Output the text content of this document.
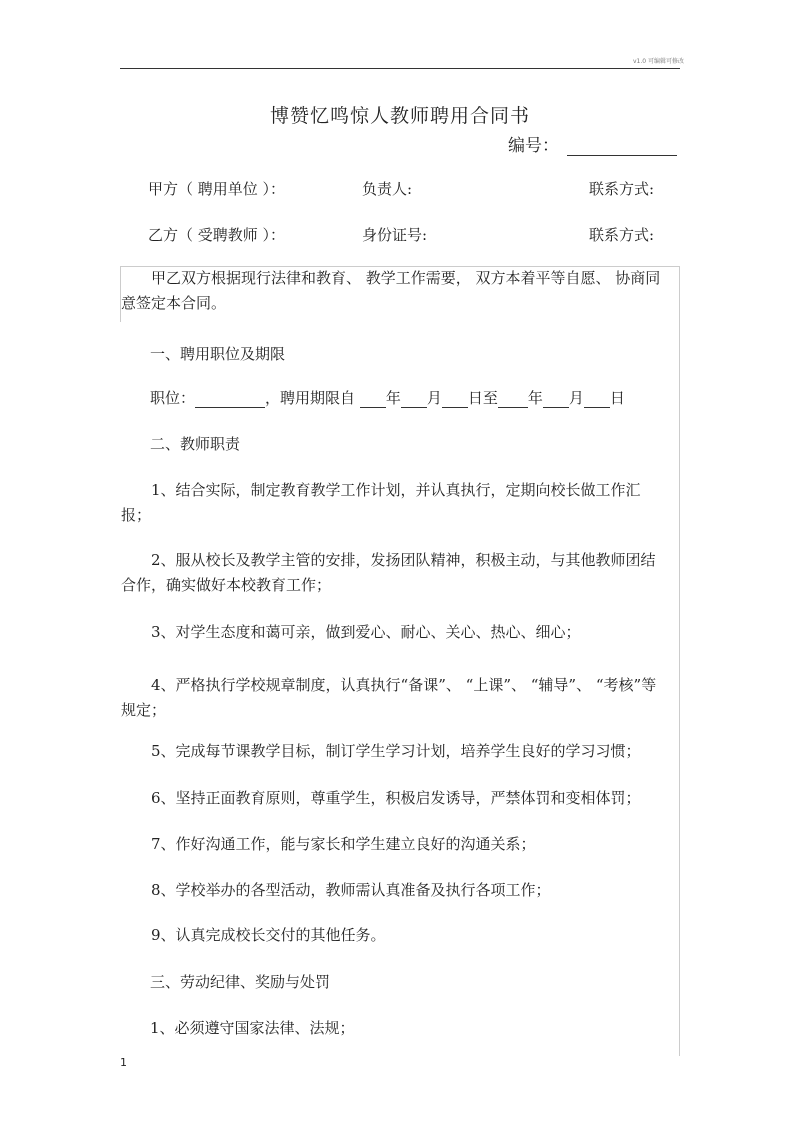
v1.0 可编辑可修改
博赞忆鸣惊人教师聘用合同书
编号：
甲方（ 聘用单位 ）：	负责人:	联系方式:
乙方（ 受聘教师 ）：	身份证号:	联系方式:
甲乙双方根据现行法律和教育、 教学工作需要， 双方本着平等自愿、 协商同意签定本合同。
一、聘用职位及期限
职位：	，聘用期限自 年 月 日至 年 月 日
二、教师职责
1、结合实际，制定教育教学工作计划，并认真执行，定期向校长做工作汇报；
2、服从校长及教学主管的安排，发扬团队精神，积极主动，与其他教师团结合作，确实做好本校教育工作；
3、对学生态度和蔼可亲，做到爱心、耐心、关心、热心、细心；
4、严格执行学校规章制度，认真执行“备课”、 “上课”、 “辅导”、 “考核”等规定；
5、完成每节课教学目标，制订学生学习计划，培养学生良好的学习习惯；
6、坚持正面教育原则，尊重学生，积极启发诱导，严禁体罚和变相体罚；
7、作好沟通工作，能与家长和学生建立良好的沟通关系；
8、学校举办的各型活动，教师需认真准备及执行各项工作；
9、认真完成校长交付的其他任务。
三、劳动纪律、奖励与处罚
1、必须遵守国家法律、法规；
1
